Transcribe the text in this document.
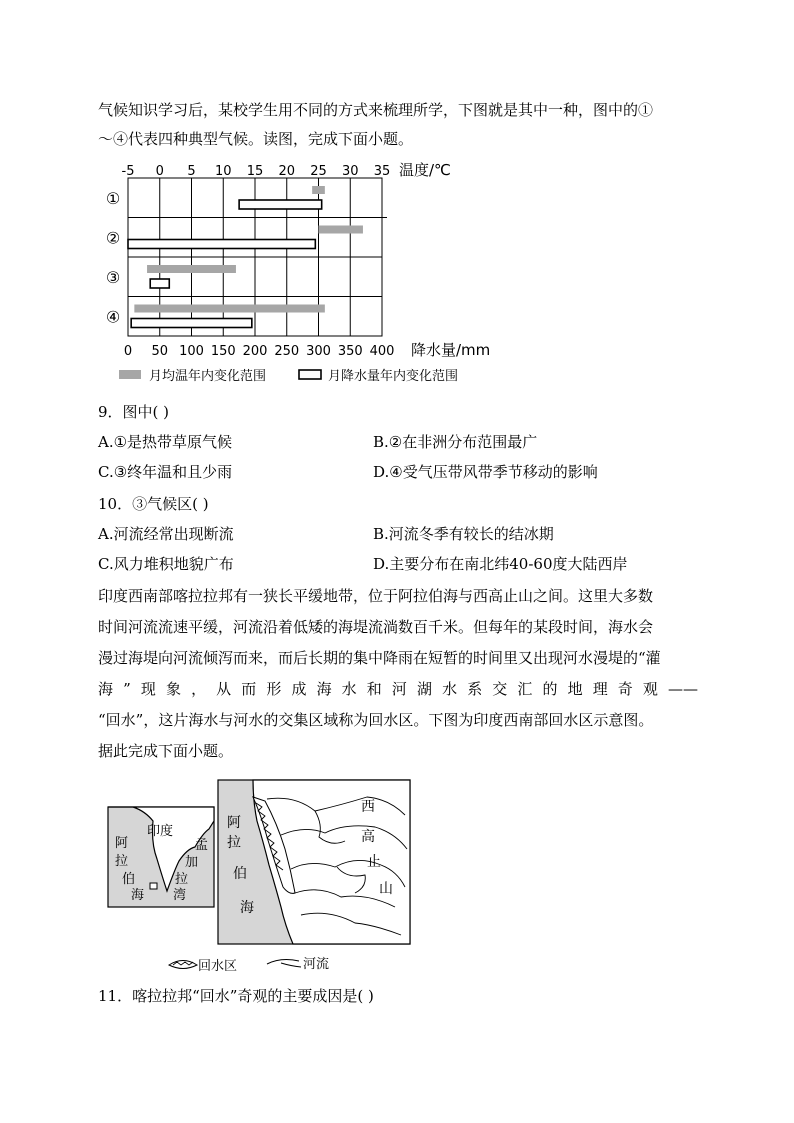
气候知识学习后，某校学生用不同的方式来梳理所学，下图就是其中一种，图中的①
～④代表四种典型气候。读图，完成下面小题。
-5 0 5 10 15 20 25 30 35 温度/℃
①
②
③
④
0 50 100 150 200 250 300 350 400 降水量/mm
月均温年内变化范围	月降水量年内变化范围
9．图中( )
A.①是热带草原气候	B.②在非洲分布范围最广
C.③终年温和且少雨	D.④受气压带风带季节移动的影响
10．③气候区( )
A.河流经常出现断流	B.河流冬季有较长的结冰期
C.风力堆积地貌广布	D.主要分布在南北纬40-60度大陆西岸
印度西南部喀拉拉邦有一狭长平缓地带，位于阿拉伯海与西高止山之间。这里大多数
时间河流流速平缓，河流沿着低矮的海堤流淌数百千米。但每年的某段时间，海水会
漫过海堤向河流倾泻而来，而后长期的集中降雨在短暂的时间里又出现河水漫堤的“灌
海”现象，从而形成海水和河湖水系交汇的地理奇观——
“回水”，这片海水与河水的交集区域称为回水区。下图为印度西南部回水区示意图。
据此完成下面小题。
印度
阿
拉
伯
海
孟
加
拉
湾
阿
拉
伯
海
西
高
止
山
回水区	河流
11．喀拉拉邦“回水”奇观的主要成因是( )
